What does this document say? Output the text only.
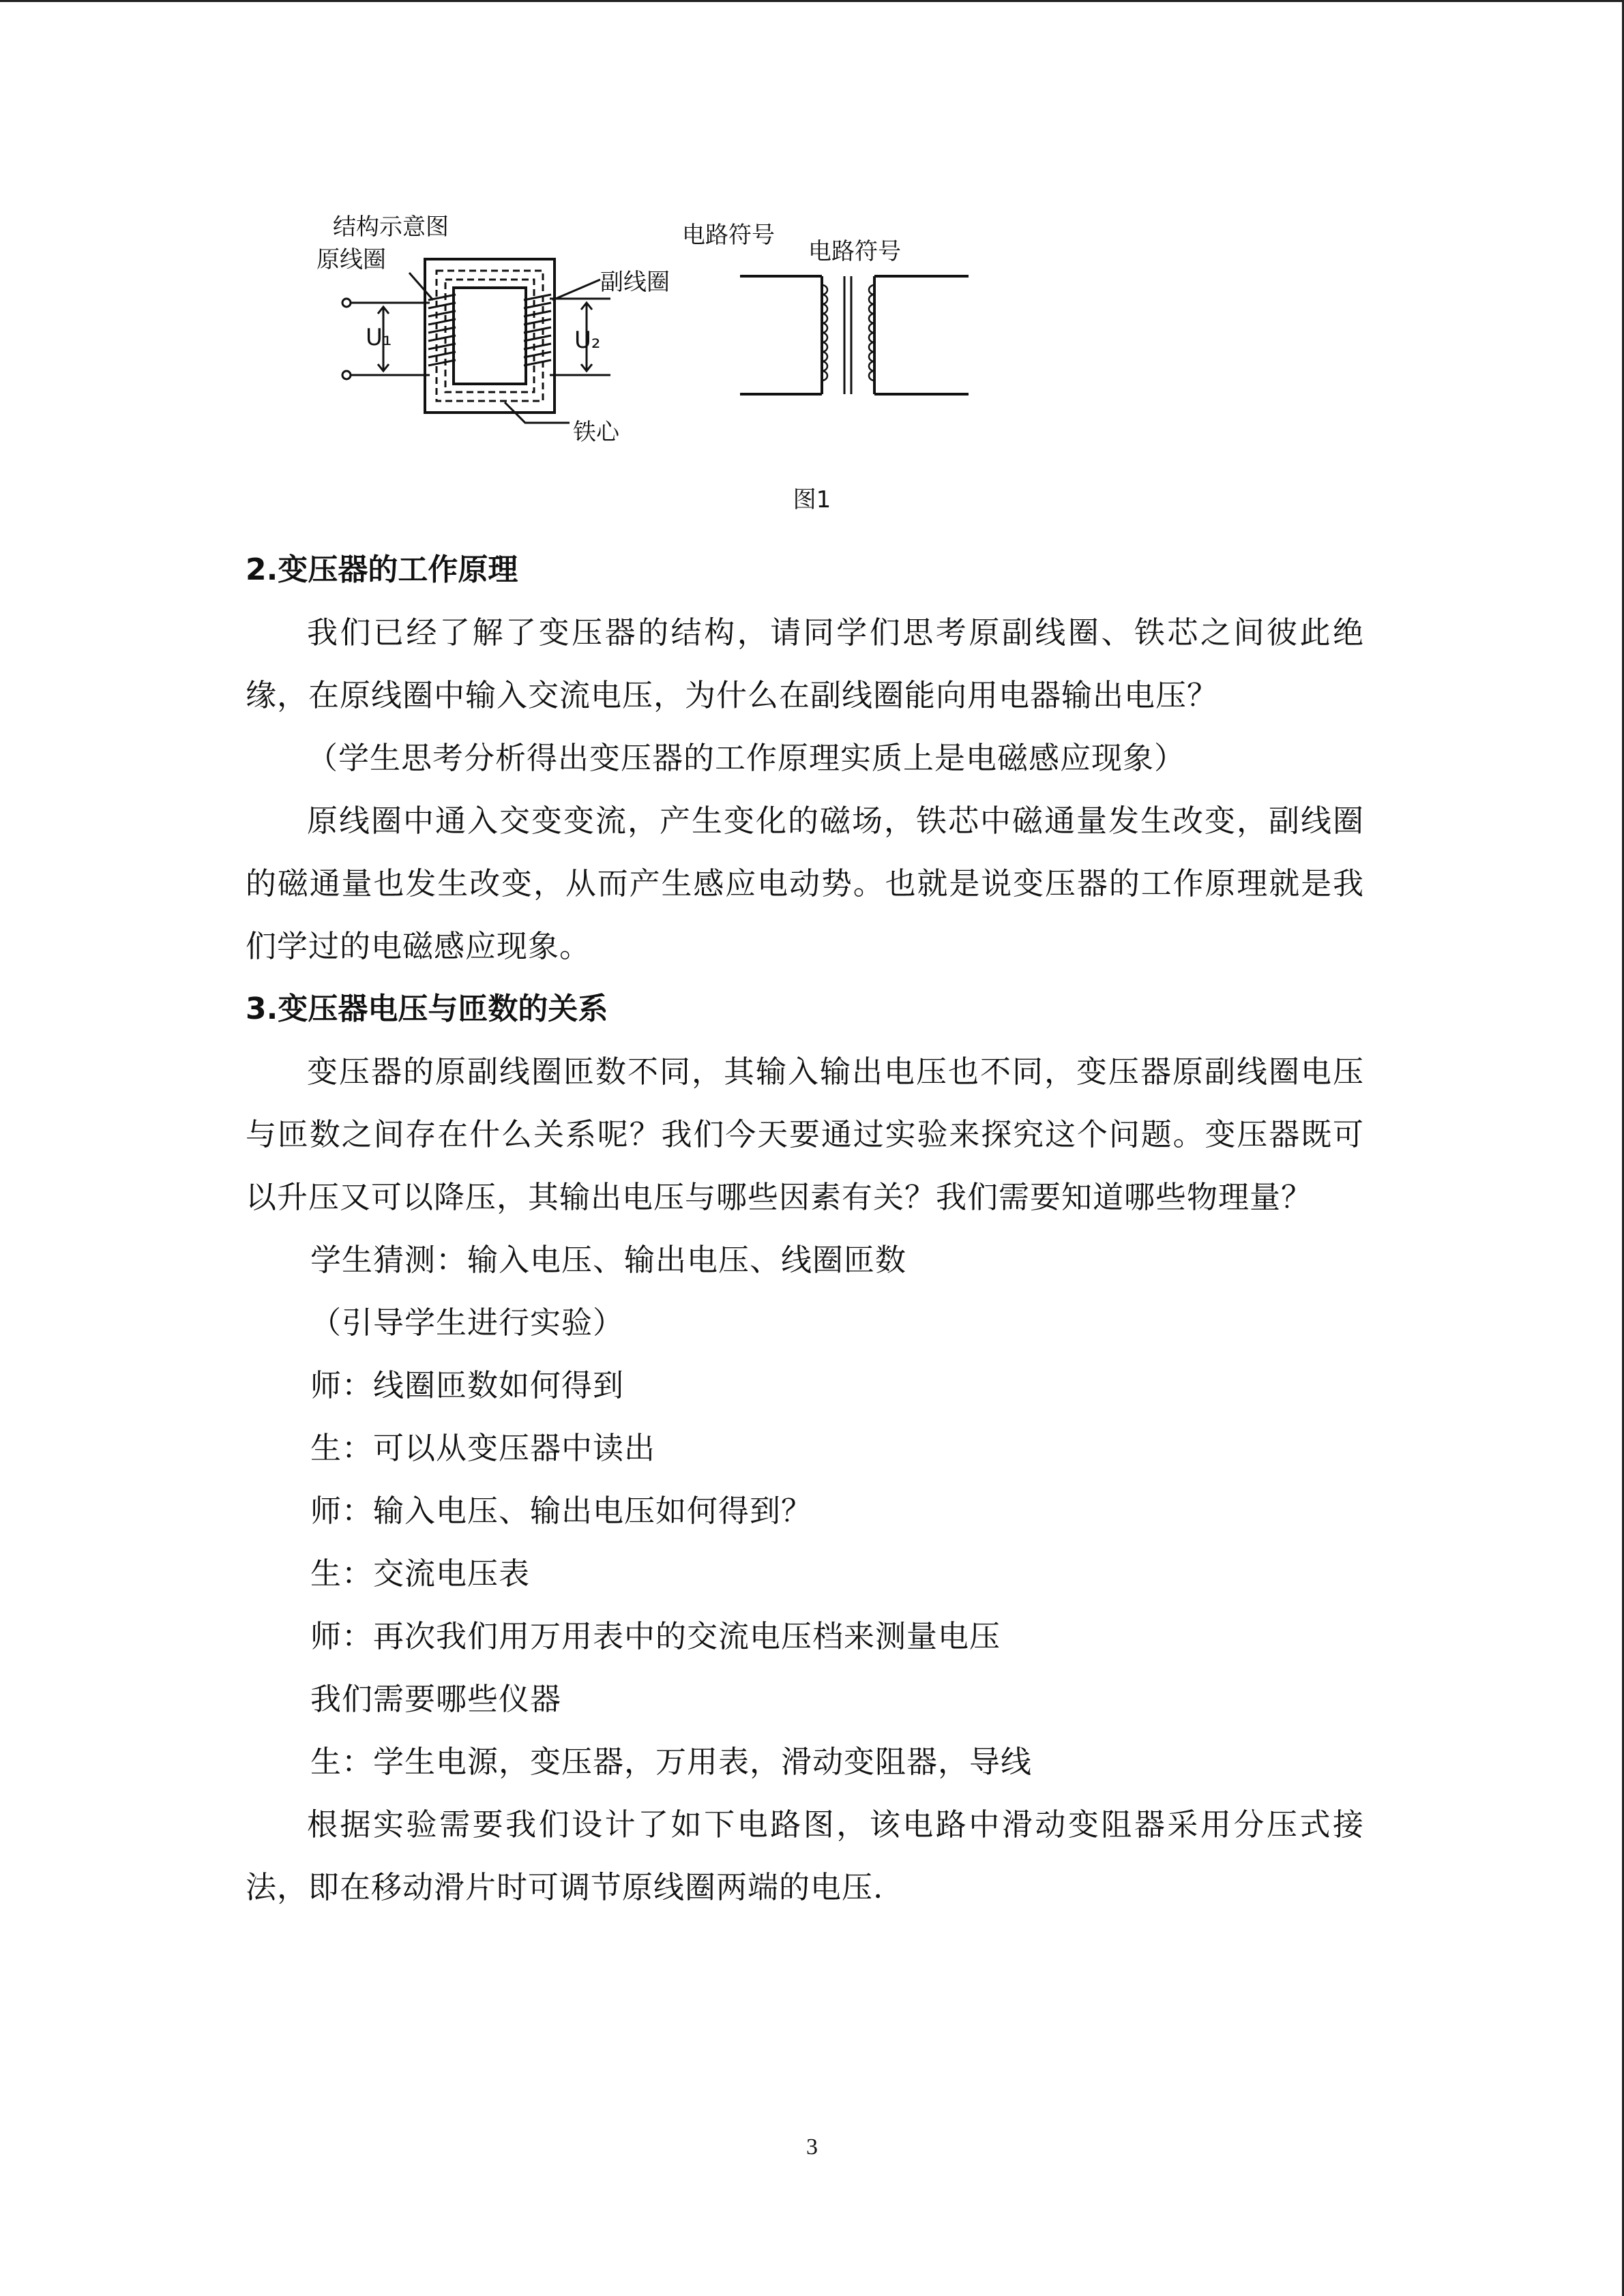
结构示意图
原线圈
副线圈
铁心
电路符号
电路符号
U₁	U₂
图1

2.变压器的工作原理

我们已经了解了变压器的结构，请同学们思考原副线圈、铁芯之间彼此绝缘，在原线圈中输入交流电压，为什么在副线圈能向用电器输出电压？

（学生思考分析得出变压器的工作原理实质上是电磁感应现象）

原线圈中通入交变变流，产生变化的磁场，铁芯中磁通量发生改变，副线圈的磁通量也发生改变，从而产生感应电动势。也就是说变压器的工作原理就是我们学过的电磁感应现象。

3.变压器电压与匝数的关系

变压器的原副线圈匝数不同，其输入输出电压也不同，变压器原副线圈电压与匝数之间存在什么关系呢？我们今天要通过实验来探究这个问题。变压器既可以升压又可以降压，其输出电压与哪些因素有关？我们需要知道哪些物理量？

学生猜测：输入电压、输出电压、线圈匝数

（引导学生进行实验）

师：线圈匝数如何得到

生：可以从变压器中读出

师：输入电压、输出电压如何得到？

生：交流电压表

师：再次我们用万用表中的交流电压档来测量电压

我们需要哪些仪器

生：学生电源，变压器，万用表，滑动变阻器，导线

根据实验需要我们设计了如下电路图，该电路中滑动变阻器采用分压式接法，即在移动滑片时可调节原线圈两端的电压.

3
